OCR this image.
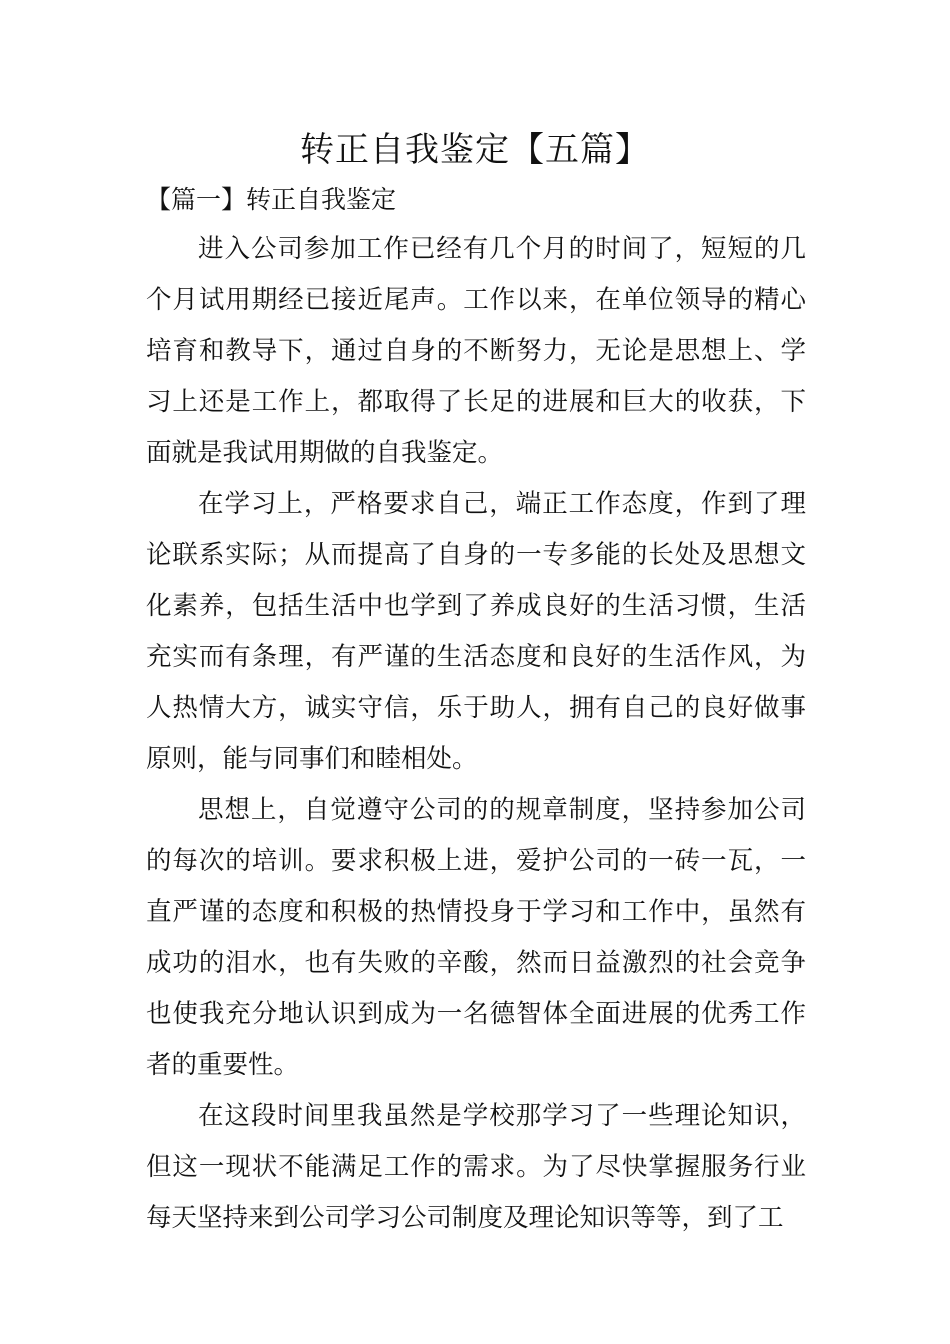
转正自我鉴定【五篇】
【篇一】转正自我鉴定

进入公司参加工作已经有几个月的时间了，短短的几个月试用期经已接近尾声。工作以来，在单位领导的精心培育和教导下，通过自身的不断努力，无论是思想上、学习上还是工作上，都取得了长足的进展和巨大的收获，下面就是我试用期做的自我鉴定。

在学习上，严格要求自己，端正工作态度，作到了理论联系实际；从而提高了自身的一专多能的长处及思想文化素养，包括生活中也学到了养成良好的生活习惯，生活充实而有条理，有严谨的生活态度和良好的生活作风，为人热情大方，诚实守信，乐于助人，拥有自己的良好做事原则，能与同事们和睦相处。

思想上，自觉遵守公司的的规章制度，坚持参加公司的每次的培训。要求积极上进，爱护公司的一砖一瓦，一直严谨的态度和积极的热情投身于学习和工作中，虽然有成功的泪水，也有失败的辛酸，然而日益激烈的社会竞争也使我充分地认识到成为一名德智体全面进展的优秀工作者的重要性。

在这段时间里我虽然是学校那学习了一些理论知识，但这一现状不能满足工作的需求。为了尽快掌握服务行业每天坚持来到公司学习公司制度及理论知识等等，到了工
